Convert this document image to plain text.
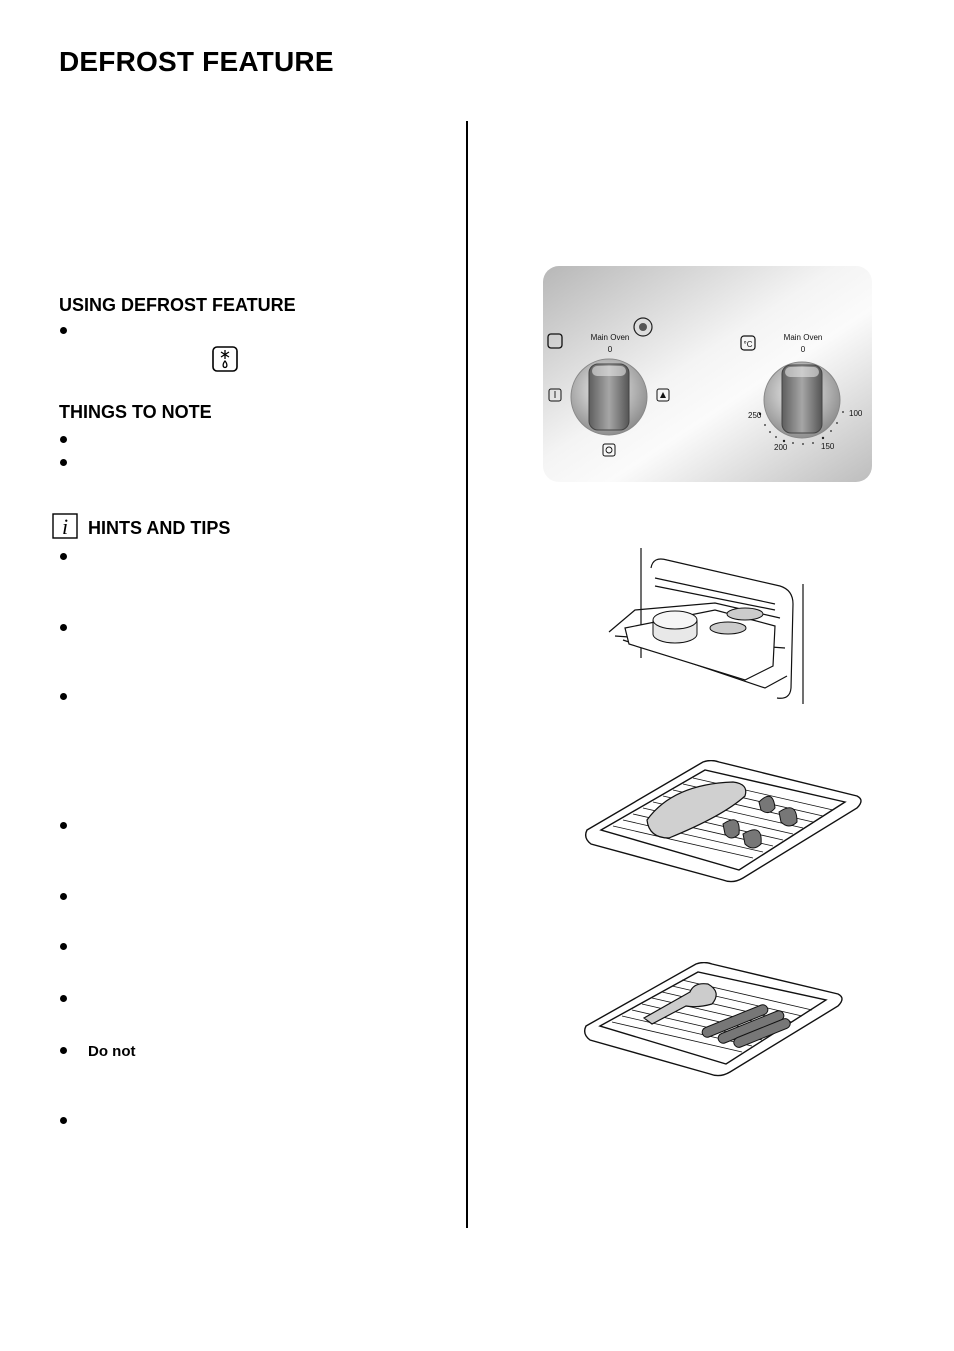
DEFROST FEATURE
USING DEFROST FEATURE
THINGS TO NOTE
i HINTS AND TIPS
Do not
Main Oven
0
°C
Main Oven
0
250
200	150
100
